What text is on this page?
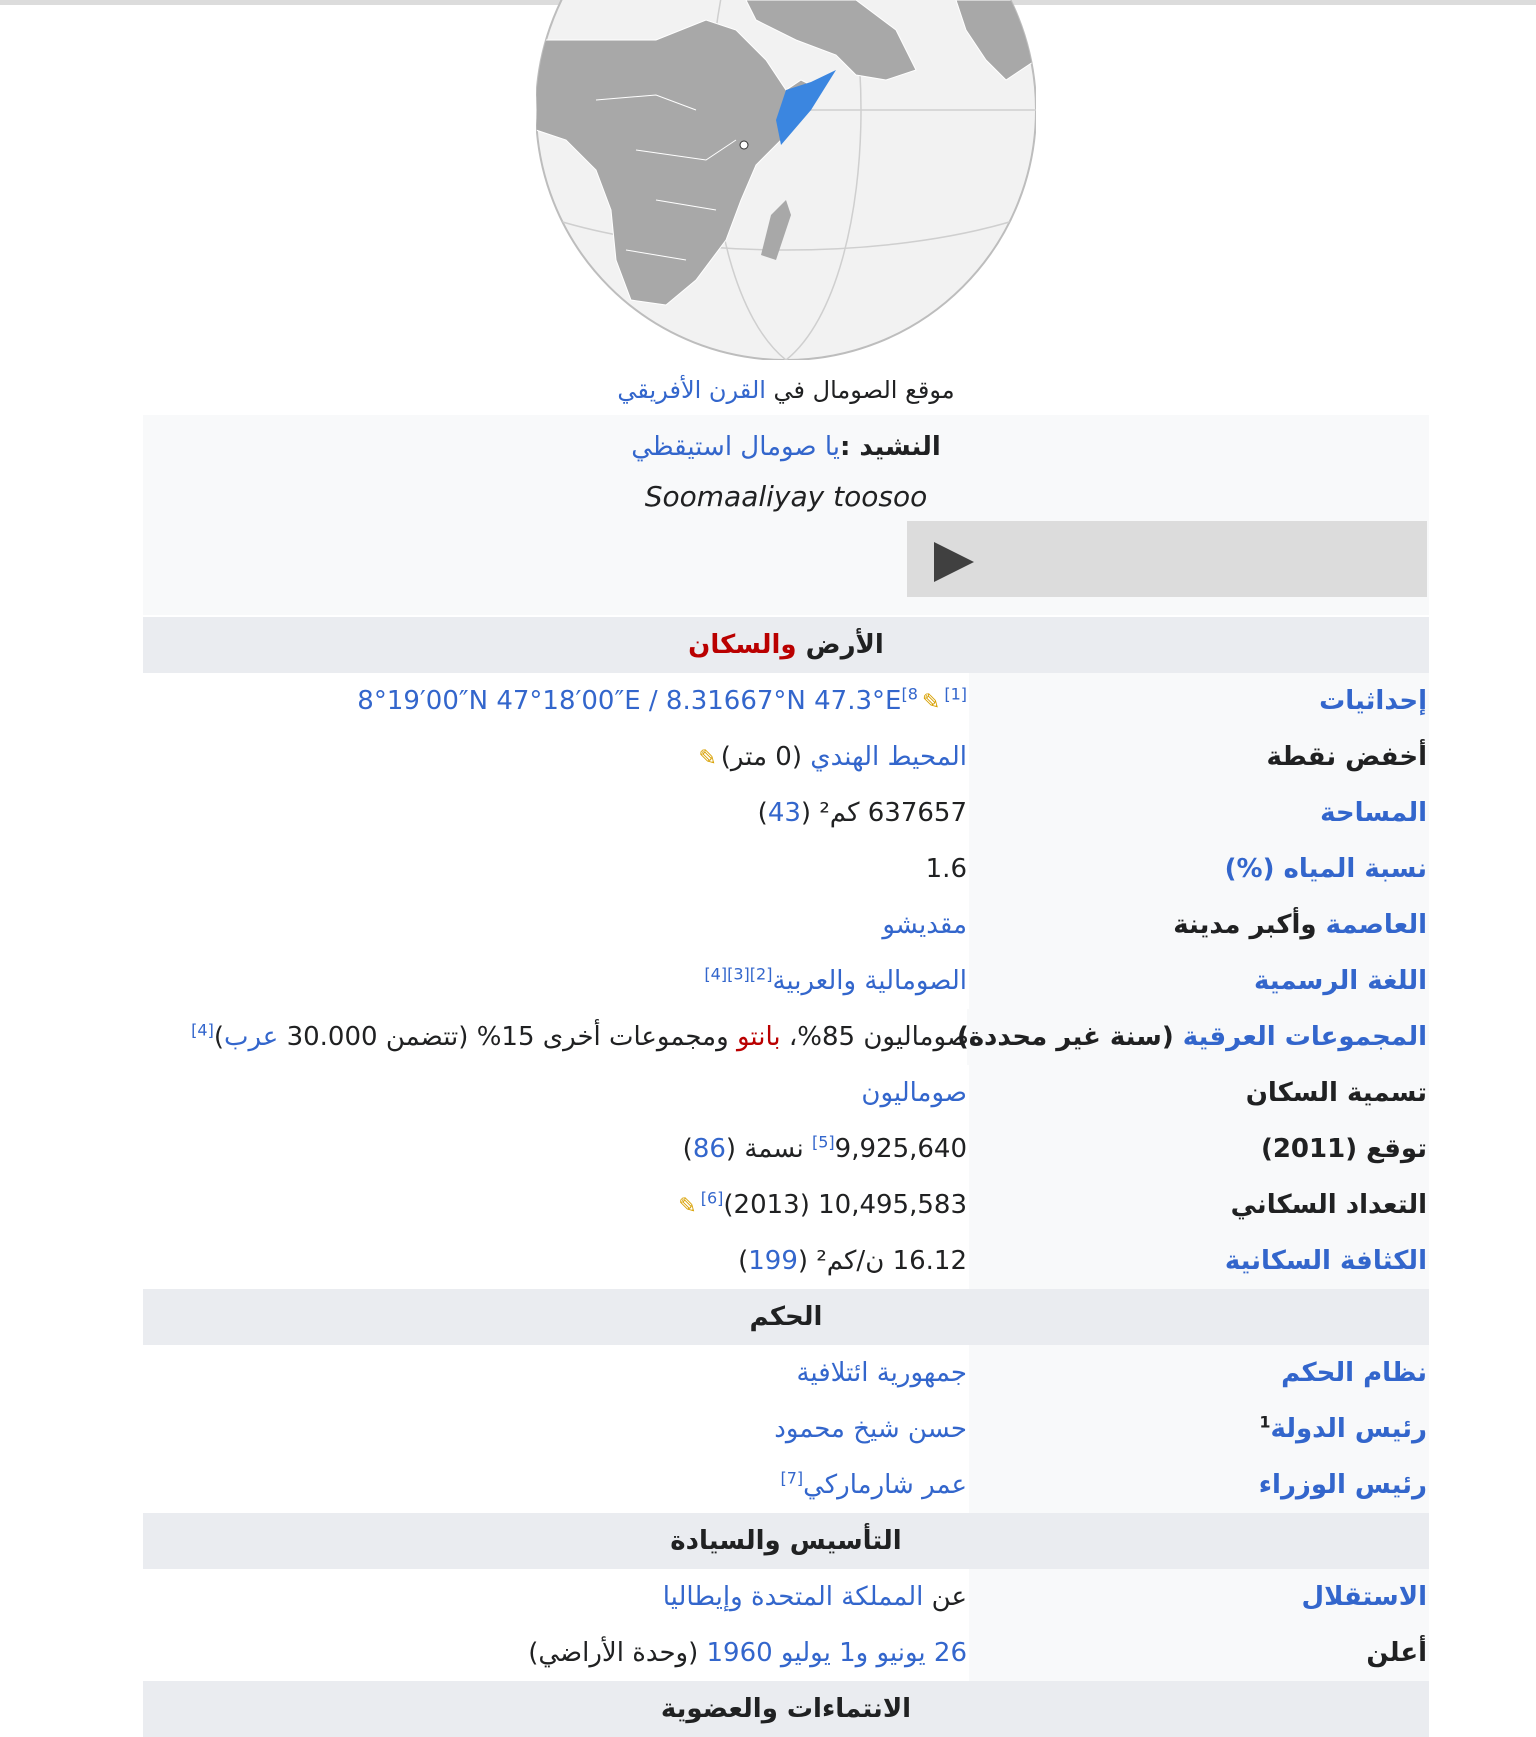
موقع الصومال في القرن الأفريقي
النشيد :يا صومال استيقظي
Soomaaliyay toosoo
الأرض والسكان
إحداثيات
[1]✎8°19′00″N 47°18′00″E / 8.31667°N $47.3^\circ E^{[8}$
أخفض نقطة
المحيط الهندي (0 متر)✎
المساحة
637657 كم² (43)
نسبة المياه (%)
1.6
العاصمة وأكبر مدينة
مقديشو
اللغة الرسمية
الصومالية والعربية[2][3][4]
المجموعات العرقية (سنة غير محددة)
صوماليون 85%، بانتو ومجموعات أخرى 15% (تتضمن 30.000 عرب)[4]
تسمية السكان
صوماليون
توقع (2011)
9,925,640[5] نسمة (86)
التعداد السكاني
10,495,583 (2013)[6]✎
الكثافة السكانية
16.12 ن/كم² (199)
الحكم
نظام الحكم
جمهورية ائتلافية
رئيس الدولة$^1$
حسن شيخ محمود
رئيس الوزراء
عمر شارماركي[7]
التأسيس والسيادة
الاستقلال
عن المملكة المتحدة وإيطاليا
أعلن
26 يونيو و1 يوليو 1960 (وحدة الأراضي)
الانتماءات والعضوية
